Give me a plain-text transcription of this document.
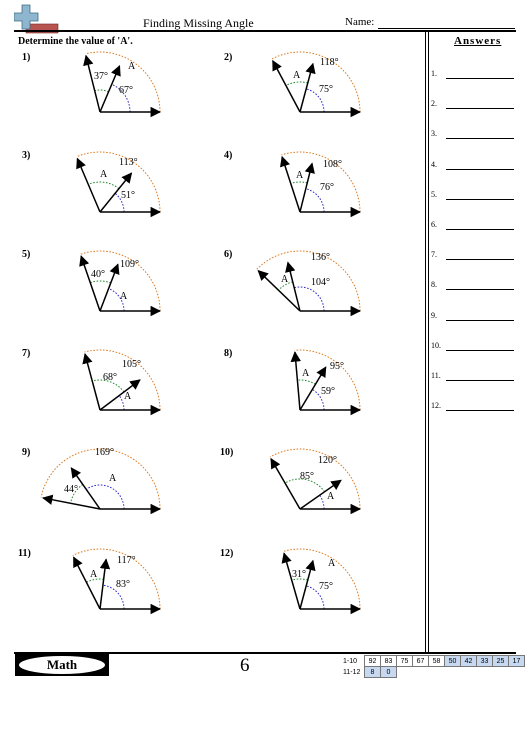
Finding Missing Angle	Name:
Determine the value of 'A'.	Answers
1.
2.
3.
4.
5.
6.
7.
8.
9.
10.
11.
12.
1)
A
67°
37°
2)	118°
75°
A
3)
113°
51°
A
4)
108°
76°
A
5)
109°
A
40°
6)	136°
104°
A
7)
105°
A
68°
8)
95°
59°
A
9)	169°
A
44°
10)
120°
A
85°
11)
117°
83°
A
12)
A
75°
31°
Math	6	1-10	92	83	75	67	58	50	42	33	25	17
11-12	8	0								
